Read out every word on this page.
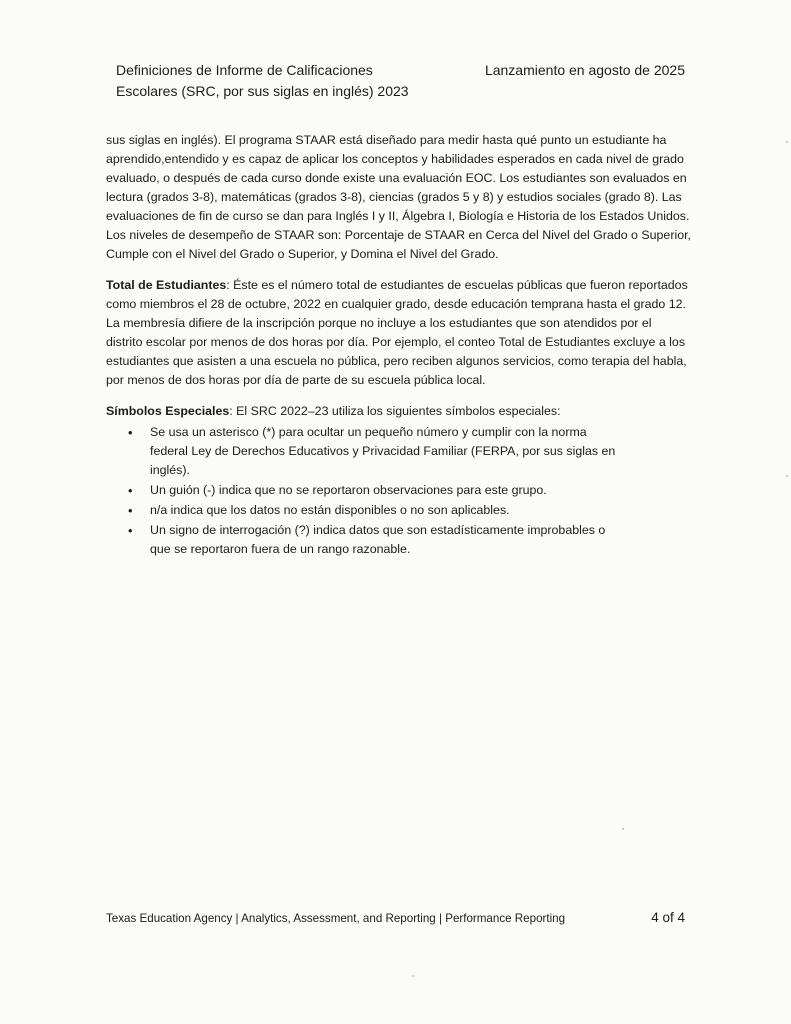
Definiciones de Informe de Calificaciones
Escolares (SRC, por sus siglas en inglés) 2023
Lanzamiento en agosto de 2025

sus siglas en inglés). El programa STAAR está diseñado para medir hasta qué punto un estudiante ha aprendido,entendido y es capaz de aplicar los conceptos y habilidades esperados en cada nivel de grado evaluado, o después de cada curso donde existe una evaluación EOC. Los estudiantes son evaluados en lectura (grados 3-8), matemáticas (grados 3-8), ciencias (grados 5 y 8) y estudios sociales (grado 8). Las evaluaciones de fin de curso se dan para Inglés I y II, Álgebra I, Biología e Historia de los Estados Unidos. Los niveles de desempeño de STAAR son: Porcentaje de STAAR en Cerca del Nivel del Grado o Superior, Cumple con el Nivel del Grado o Superior, y Domina el Nivel del Grado.

Total de Estudiantes: Éste es el número total de estudiantes de escuelas públicas que fueron reportados como miembros el 28 de octubre, 2022 en cualquier grado, desde educación temprana hasta el grado 12. La membresía difiere de la inscripción porque no incluye a los estudiantes que son atendidos por el distrito escolar por menos de dos horas por día. Por ejemplo, el conteo Total de Estudiantes excluye a los estudiantes que asisten a una escuela no pública, pero reciben algunos servicios, como terapia del habla, por menos de dos horas por día de parte de su escuela pública local.

Símbolos Especiales: El SRC 2022–23 utiliza los siguientes símbolos especiales:

• Se usa un asterisco (*) para ocultar un pequeño número y cumplir con la norma federal Ley de Derechos Educativos y Privacidad Familiar (FERPA, por sus siglas en inglés).
• Un guión (-) indica que no se reportaron observaciones para este grupo.
• n/a indica que los datos no están disponibles o no son aplicables.
• Un signo de interrogación (?) indica datos que son estadísticamente improbables o que se reportaron fuera de un rango razonable.
Texas Education Agency | Analytics, Assessment, and Reporting | Performance Reporting	4 of 4
